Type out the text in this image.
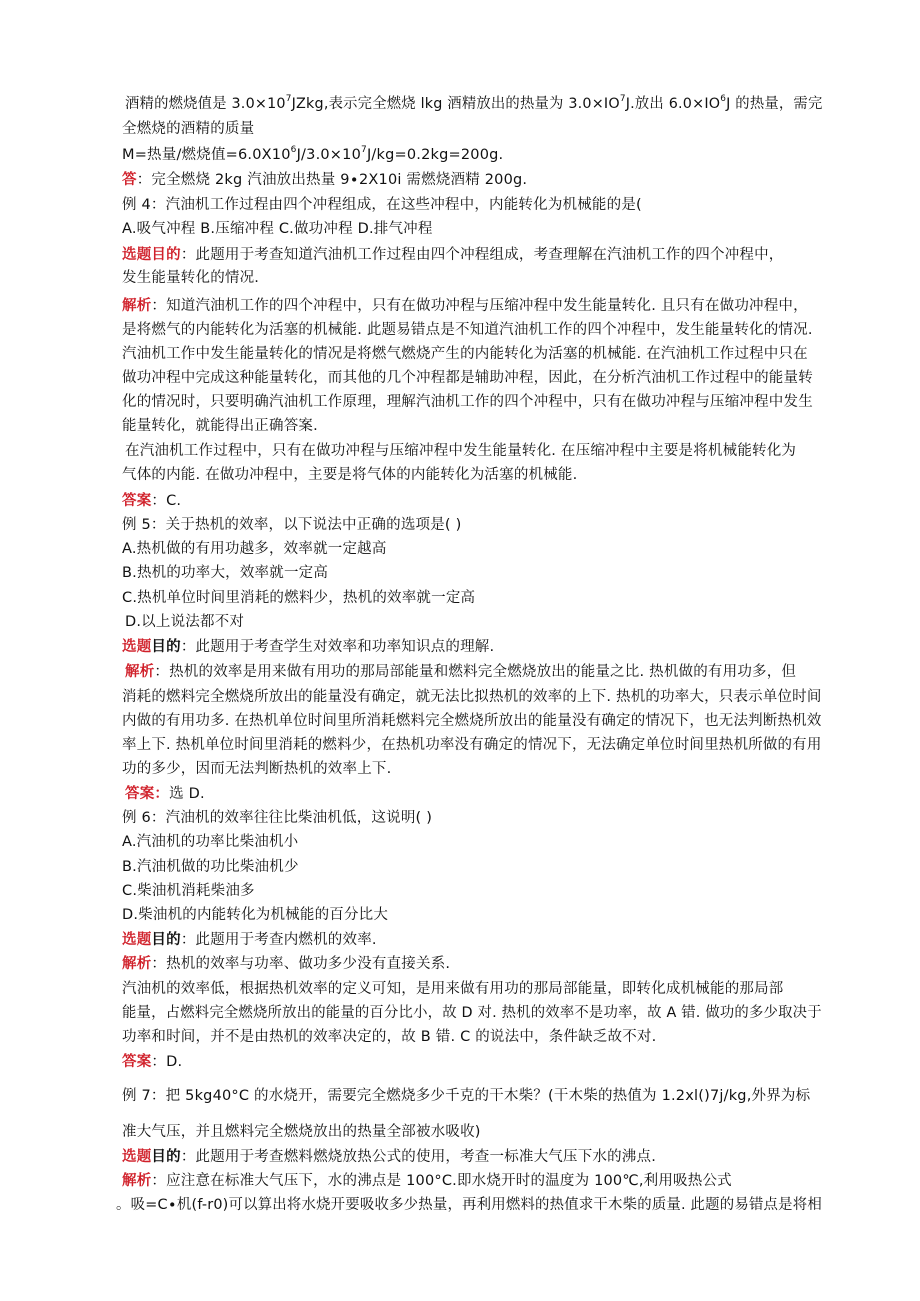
酒精的燃烧值是 $3.0\times 10^7JZkg$,表示完全燃烧 lkg 酒精放出的热量为 $3.0\times IO^7J$.放出 $6.0\times IO^6J$ 的热量，需完
全燃烧的酒精的质量
M=热量/燃烧值$=6.0X10^6J∕3.0\times 10^7J∕kg=0.2kg=200g$.
答：完全燃烧 2kg 汽油放出热量 9∙2X10i 需燃烧酒精 200g.
例 4：汽油机工作过程由四个冲程组成，在这些冲程中，内能转化为机械能的是(
A.吸气冲程 B.压缩冲程 C.做功冲程 D.排气冲程
选题目的：此题用于考查知道汽油机工作过程由四个冲程组成，考查理解在汽油机工作的四个冲程中，
发生能量转化的情况.
解析：知道汽油机工作的四个冲程中，只有在做功冲程与压缩冲程中发生能量转化. 且只有在做功冲程中，
是将燃气的内能转化为活塞的机械能. 此题易错点是不知道汽油机工作的四个冲程中，发生能量转化的情况.
汽油机工作中发生能量转化的情况是将燃气燃烧产生的内能转化为活塞的机械能. 在汽油机工作过程中只在
做功冲程中完成这种能量转化，而其他的几个冲程都是辅助冲程，因此，在分析汽油机工作过程中的能量转
化的情况时，只要明确汽油机工作原理，理解汽油机工作的四个冲程中，只有在做功冲程与压缩冲程中发生
能量转化，就能得出正确答案.
在汽油机工作过程中，只有在做功冲程与压缩冲程中发生能量转化. 在压缩冲程中主要是将机械能转化为
气体的内能. 在做功冲程中，主要是将气体的内能转化为活塞的机械能.
答案：C.
例 5：关于热机的效率，以下说法中正确的选项是( )
A.热机做的有用功越多，效率就一定越高
B.热机的功率大，效率就一定高
C.热机单位时间里消耗的燃料少，热机的效率就一定高
D.以上说法都不对
选题目的：此题用于考查学生对效率和功率知识点的理解.
解析：热机的效率是用来做有用功的那局部能量和燃料完全燃烧放出的能量之比. 热机做的有用功多，但
消耗的燃料完全燃烧所放出的能量没有确定，就无法比拟热机的效率的上下. 热机的功率大，只表示单位时间
内做的有用功多. 在热机单位时间里所消耗燃料完全燃烧所放出的能量没有确定的情况下，也无法判断热机效
率上下. 热机单位时间里消耗的燃料少，在热机功率没有确定的情况下，无法确定单位时间里热机所做的有用
功的多少，因而无法判断热机的效率上下.
答案：选 D.
例 6：汽油机的效率往往比柴油机低，这说明( )
A.汽油机的功率比柴油机小
B.汽油机做的功比柴油机少
C.柴油机消耗柴油多
D.柴油机的内能转化为机械能的百分比大
选题目的：此题用于考查内燃机的效率.
解析：热机的效率与功率、做功多少没有直接关系.
汽油机的效率低，根据热机效率的定义可知，是用来做有用功的那局部能量，即转化成机械能的那局部
能量，占燃料完全燃烧所放出的能量的百分比小，故 D 对. 热机的效率不是功率，故 A 错. 做功的多少取决于
功率和时间，并不是由热机的效率决定的，故 B 错. C 的说法中，条件缺乏故不对.
答案：D.
例 7：把 5kg40°C 的水烧开，需要完全燃烧多少千克的干木柴？(干木柴的热值为 1.2xl()7j∕kg,外界为标
准大气压，并且燃料完全燃烧放出的热量全部被水吸收)
选题目的：此题用于考查燃料燃烧放热公式的使用，考查一标准大气压下水的沸点.
解析：应注意在标准大气压下，水的沸点是 100°C.即水烧开时的温度为 100℃,利用吸热公式
。吸=C∙机(f-r0)可以算出将水烧开要吸收多少热量，再利用燃料的热值求干木柴的质量. 此题的易错点是将相
